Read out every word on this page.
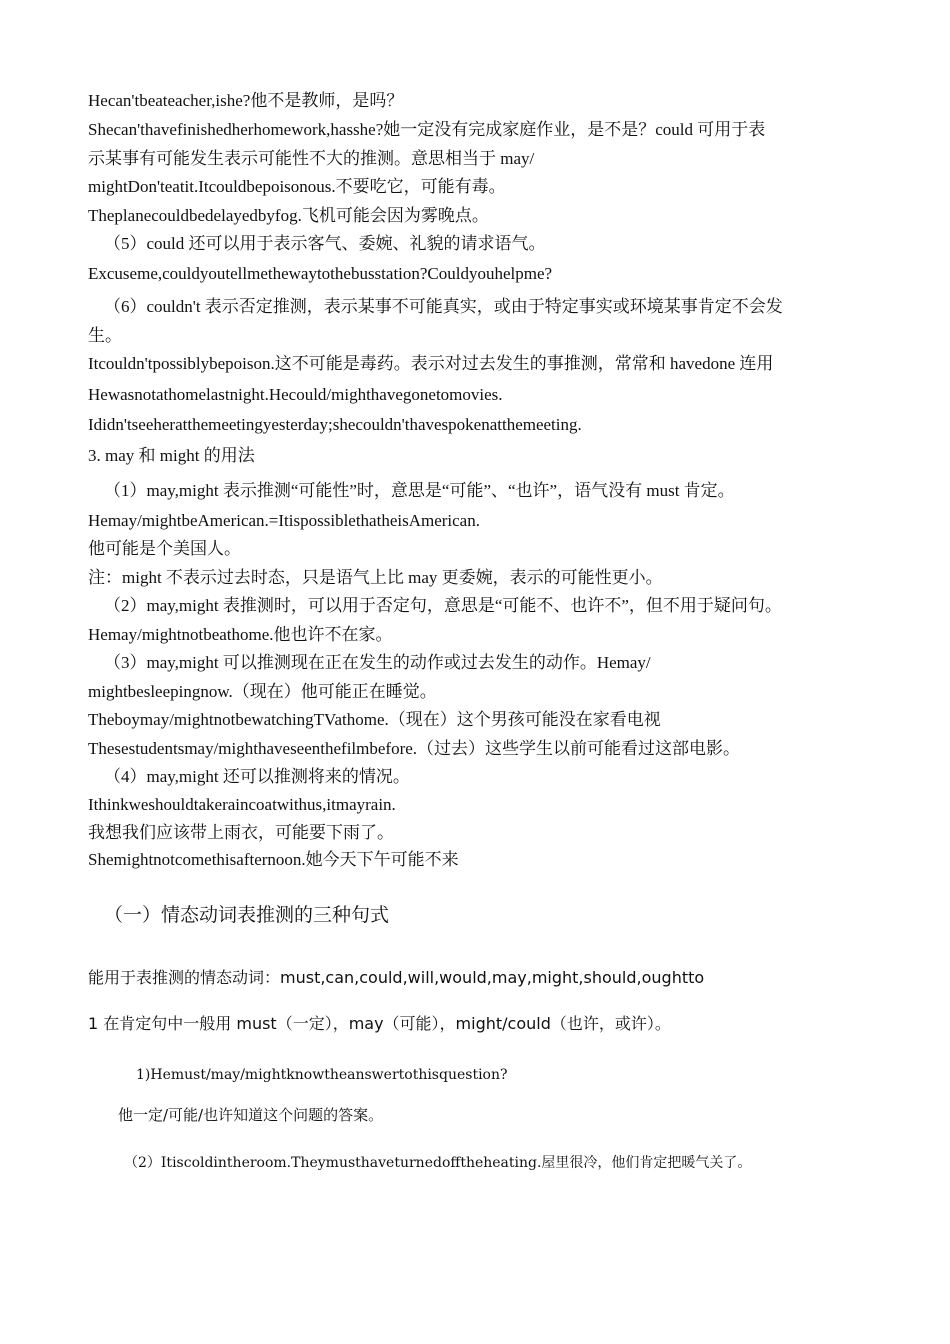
Hecan'tbeateacher,ishe?他不是教师，是吗？
Shecan'thavefinishedherhomework,hasshe?她一定没有完成家庭作业，是不是？could 可用于表
示某事有可能发生表示可能性不大的推测。意思相当于 may/
mightDon'teatit.Itcouldbepoisonous.不要吃它，可能有毒。
Theplanecouldbedelayedbyfog.飞机可能会因为雾晚点。
（5）could 还可以用于表示客气、委婉、礼貌的请求语气。
Excuseme,couldyoutellmethewaytothebusstation?Couldyouhelpme?
（6）couldn't 表示否定推测，表示某事不可能真实，或由于特定事实或环境某事肯定不会发
生。
Itcouldn'tpossiblybepoison.这不可能是毒药。表示对过去发生的事推测，常常和 havedone 连用
Hewasnotathomelastnight.Hecould/mighthavegonetomovies.
Ididn'tseeheratthemeetingyesterday;shecouldn'thavespokenatthemeeting.
3. may 和 might 的用法
（1）may,might 表示推测“可能性”时，意思是“可能”、“也许”，语气没有 must 肯定。
Hemay/mightbeAmerican.=ItispossiblethatheisAmerican.
他可能是个美国人。
注：might 不表示过去时态，只是语气上比 may 更委婉，表示的可能性更小。
（2）may,might 表推测时，可以用于否定句，意思是“可能不、也许不”，但不用于疑问句。
Hemay/mightnotbeathome.他也许不在家。
（3）may,might 可以推测现在正在发生的动作或过去发生的动作。Hemay/
mightbesleepingnow.（现在）他可能正在睡觉。
Theboymay/mightnotbewatchingTVathome.（现在）这个男孩可能没在家看电视
Thesestudentsmay/mighthaveseenthefilmbefore.（过去）这些学生以前可能看过这部电影。
（4）may,might 还可以推测将来的情况。
Ithinkweshouldtakeraincoatwithus,itmayrain.
我想我们应该带上雨衣，可能要下雨了。
Shemightnotcomethisafternoon.她今天下午可能不来
（一）情态动词表推测的三种句式
能用于表推测的情态动词：must,can,could,will,would,may,might,should,oughtto
1 在肯定句中一般用 must（一定），may（可能），might/could（也许，或许）。
1)Hemust/may/mightknowtheanswertothisquestion?
他一定/可能/也许知道这个问题的答案。
（2）Itiscoldintheroom.Theymusthaveturnedofftheheating.屋里很冷，他们肯定把暖气关了。
